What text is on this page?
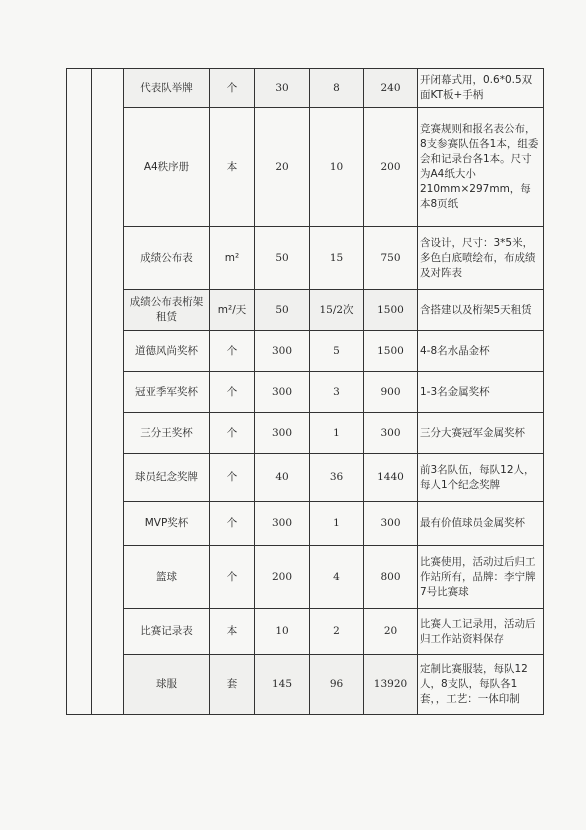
		代表队举牌	个	30	8	240	开闭幕式用，0.6*0.5双面KT板+手柄
		A4秩序册	本	20	10	200	竞赛规则和报名表公布，8支参赛队伍各1本，组委会和记录台各1本。尺寸为A4纸大小210mm×297mm，每本8页纸
		成绩公布表	m²	50	15	750	含设计，尺寸：3*5米，多色白底喷绘布，布成绩及对阵表
		成绩公布表桁架租赁	m²/天	50	15/2次	1500	含搭建以及桁架5天租赁
		道德风尚奖杯	个	300	5	1500	4-8名水晶金杯
		冠亚季军奖杯	个	300	3	900	1-3名金属奖杯
		三分王奖杯	个	300	1	300	三分大赛冠军金属奖杯
		球员纪念奖牌	个	40	36	1440	前3名队伍，每队12人，每人1个纪念奖牌
		MVP奖杯	个	300	1	300	最有价值球员金属奖杯
		篮球	个	200	4	800	比赛使用，活动过后归工作站所有，品牌：李宁牌7号比赛球
		比赛记录表	本	10	2	20	比赛人工记录用，活动后归工作站资料保存
		球服	套	145	96	13920	定制比赛服装，每队12人，8支队，每队各1套，，工艺：一体印制
